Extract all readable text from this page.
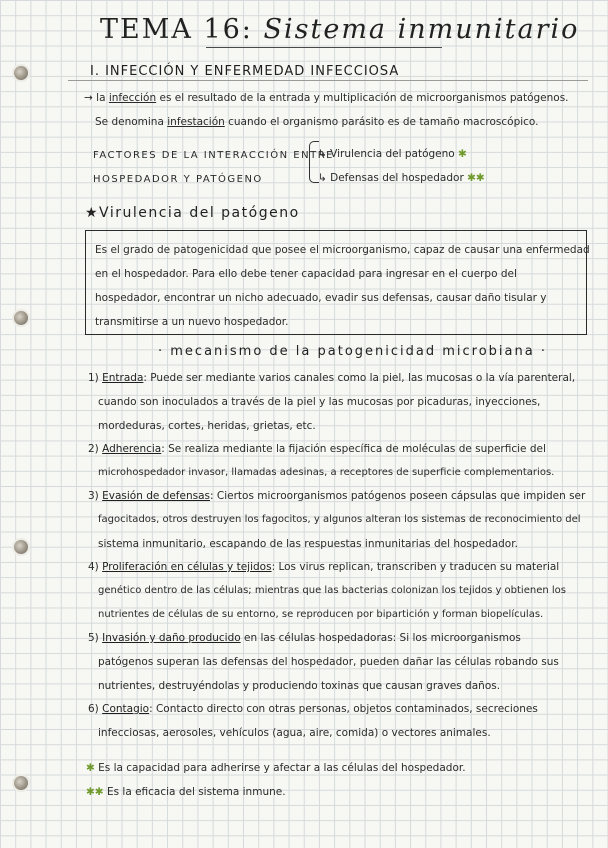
TEMA 16: Sistema inmunitario
I. INFECCIÓN Y ENFERMEDAD INFECCIOSA

→ la infección es el resultado de la entrada y multiplicación de microorganismos patógenos.

Se denomina infestación cuando el organismo parásito es de tamaño macroscópico.

FACTORES DE LA INTERACCIÓN ENTRE

HOSPEDADOR Y PATÓGENO

↳ Virulencia del patógeno ✱

↳ Defensas del hospedador ✱✱

★Virulencia del patógeno

Es el grado de patogenicidad que posee el microorganismo, capaz de causar una enfermedad

en el hospedador. Para ello debe tener capacidad para ingresar en el cuerpo del

hospedador, encontrar un nicho adecuado, evadir sus defensas, causar daño tisular y

transmitirse a un nuevo hospedador.

· mecanismo de la patogenicidad microbiana ·

1) Entrada: Puede ser mediante varios canales como la piel, las mucosas o la vía parenteral,

cuando son inoculados a través de la piel y las mucosas por picaduras, inyecciones,

mordeduras, cortes, heridas, grietas, etc.

2) Adherencia: Se realiza mediante la fijación específica de moléculas de superficie del

microhospedador invasor, llamadas adesinas, a receptores de superficie complementarios.

3) Evasión de defensas: Ciertos microorganismos patógenos poseen cápsulas que impiden ser

fagocitados, otros destruyen los fagocitos, y algunos alteran los sistemas de reconocimiento del

sistema inmunitario, escapando de las respuestas inmunitarias del hospedador.

4) Proliferación en células y tejidos: Los virus replican, transcriben y traducen su material

genético dentro de las células; mientras que las bacterias colonizan los tejidos y obtienen los

nutrientes de células de su entorno, se reproducen por bipartición y forman biopelículas.

5) Invasión y daño producido en las células hospedadoras: Si los microorganismos

patógenos superan las defensas del hospedador, pueden dañar las células robando sus

nutrientes, destruyéndolas y produciendo toxinas que causan graves daños.

6) Contagio: Contacto directo con otras personas, objetos contaminados, secreciones

infecciosas, aerosoles, vehículos (agua, aire, comida) o vectores animales.

✱ Es la capacidad para adherirse y afectar a las células del hospedador.

✱✱ Es la eficacia del sistema inmune.
